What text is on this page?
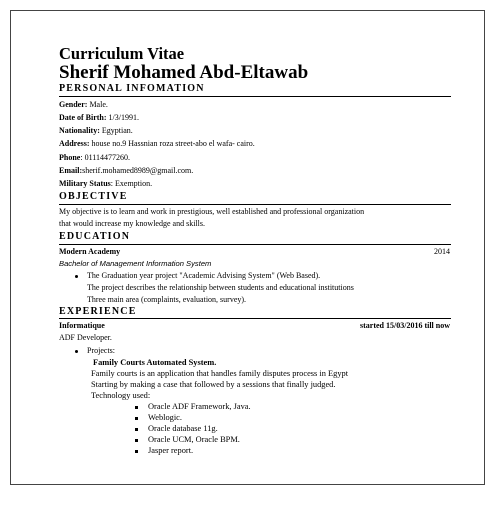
Curriculum Vitae
Sherif Mohamed Abd-Eltawab
PERSONAL INFOMATION
Gender: Male.
Date of Birth: 1/3/1991.
Nationality: Egyptian.
Address: house no.9 Hassnian roza street-abo el wafa- cairo.
Phone: 01114477260.
Email:sherif.mohamed8989@gmail.com.
Military Status: Exemption.
OBJECTIVE
My objective is to learn and work in prestigious, well established and professional organization
that would increase my knowledge and skills.
EDUCATION
Modern Academy	2014
Bachelor of Management Information System
The Graduation year project "Academic Advising System" (Web Based).
The project describes the relationship between students and educational institutions
Three main area (complaints, evaluation, survey).
EXPERIENCE
Informatique	started 15/03/2016 till now
ADF Developer.
Projects:
Family Courts Automated System.
Family courts is an application that handles family disputes process in Egypt
Starting by making a case that followed by a sessions that finally judged.
Technology used:
Oracle ADF Framework, Java.
Weblogic.
Oracle database 11g.
Oracle UCM, Oracle BPM.
Jasper report.
